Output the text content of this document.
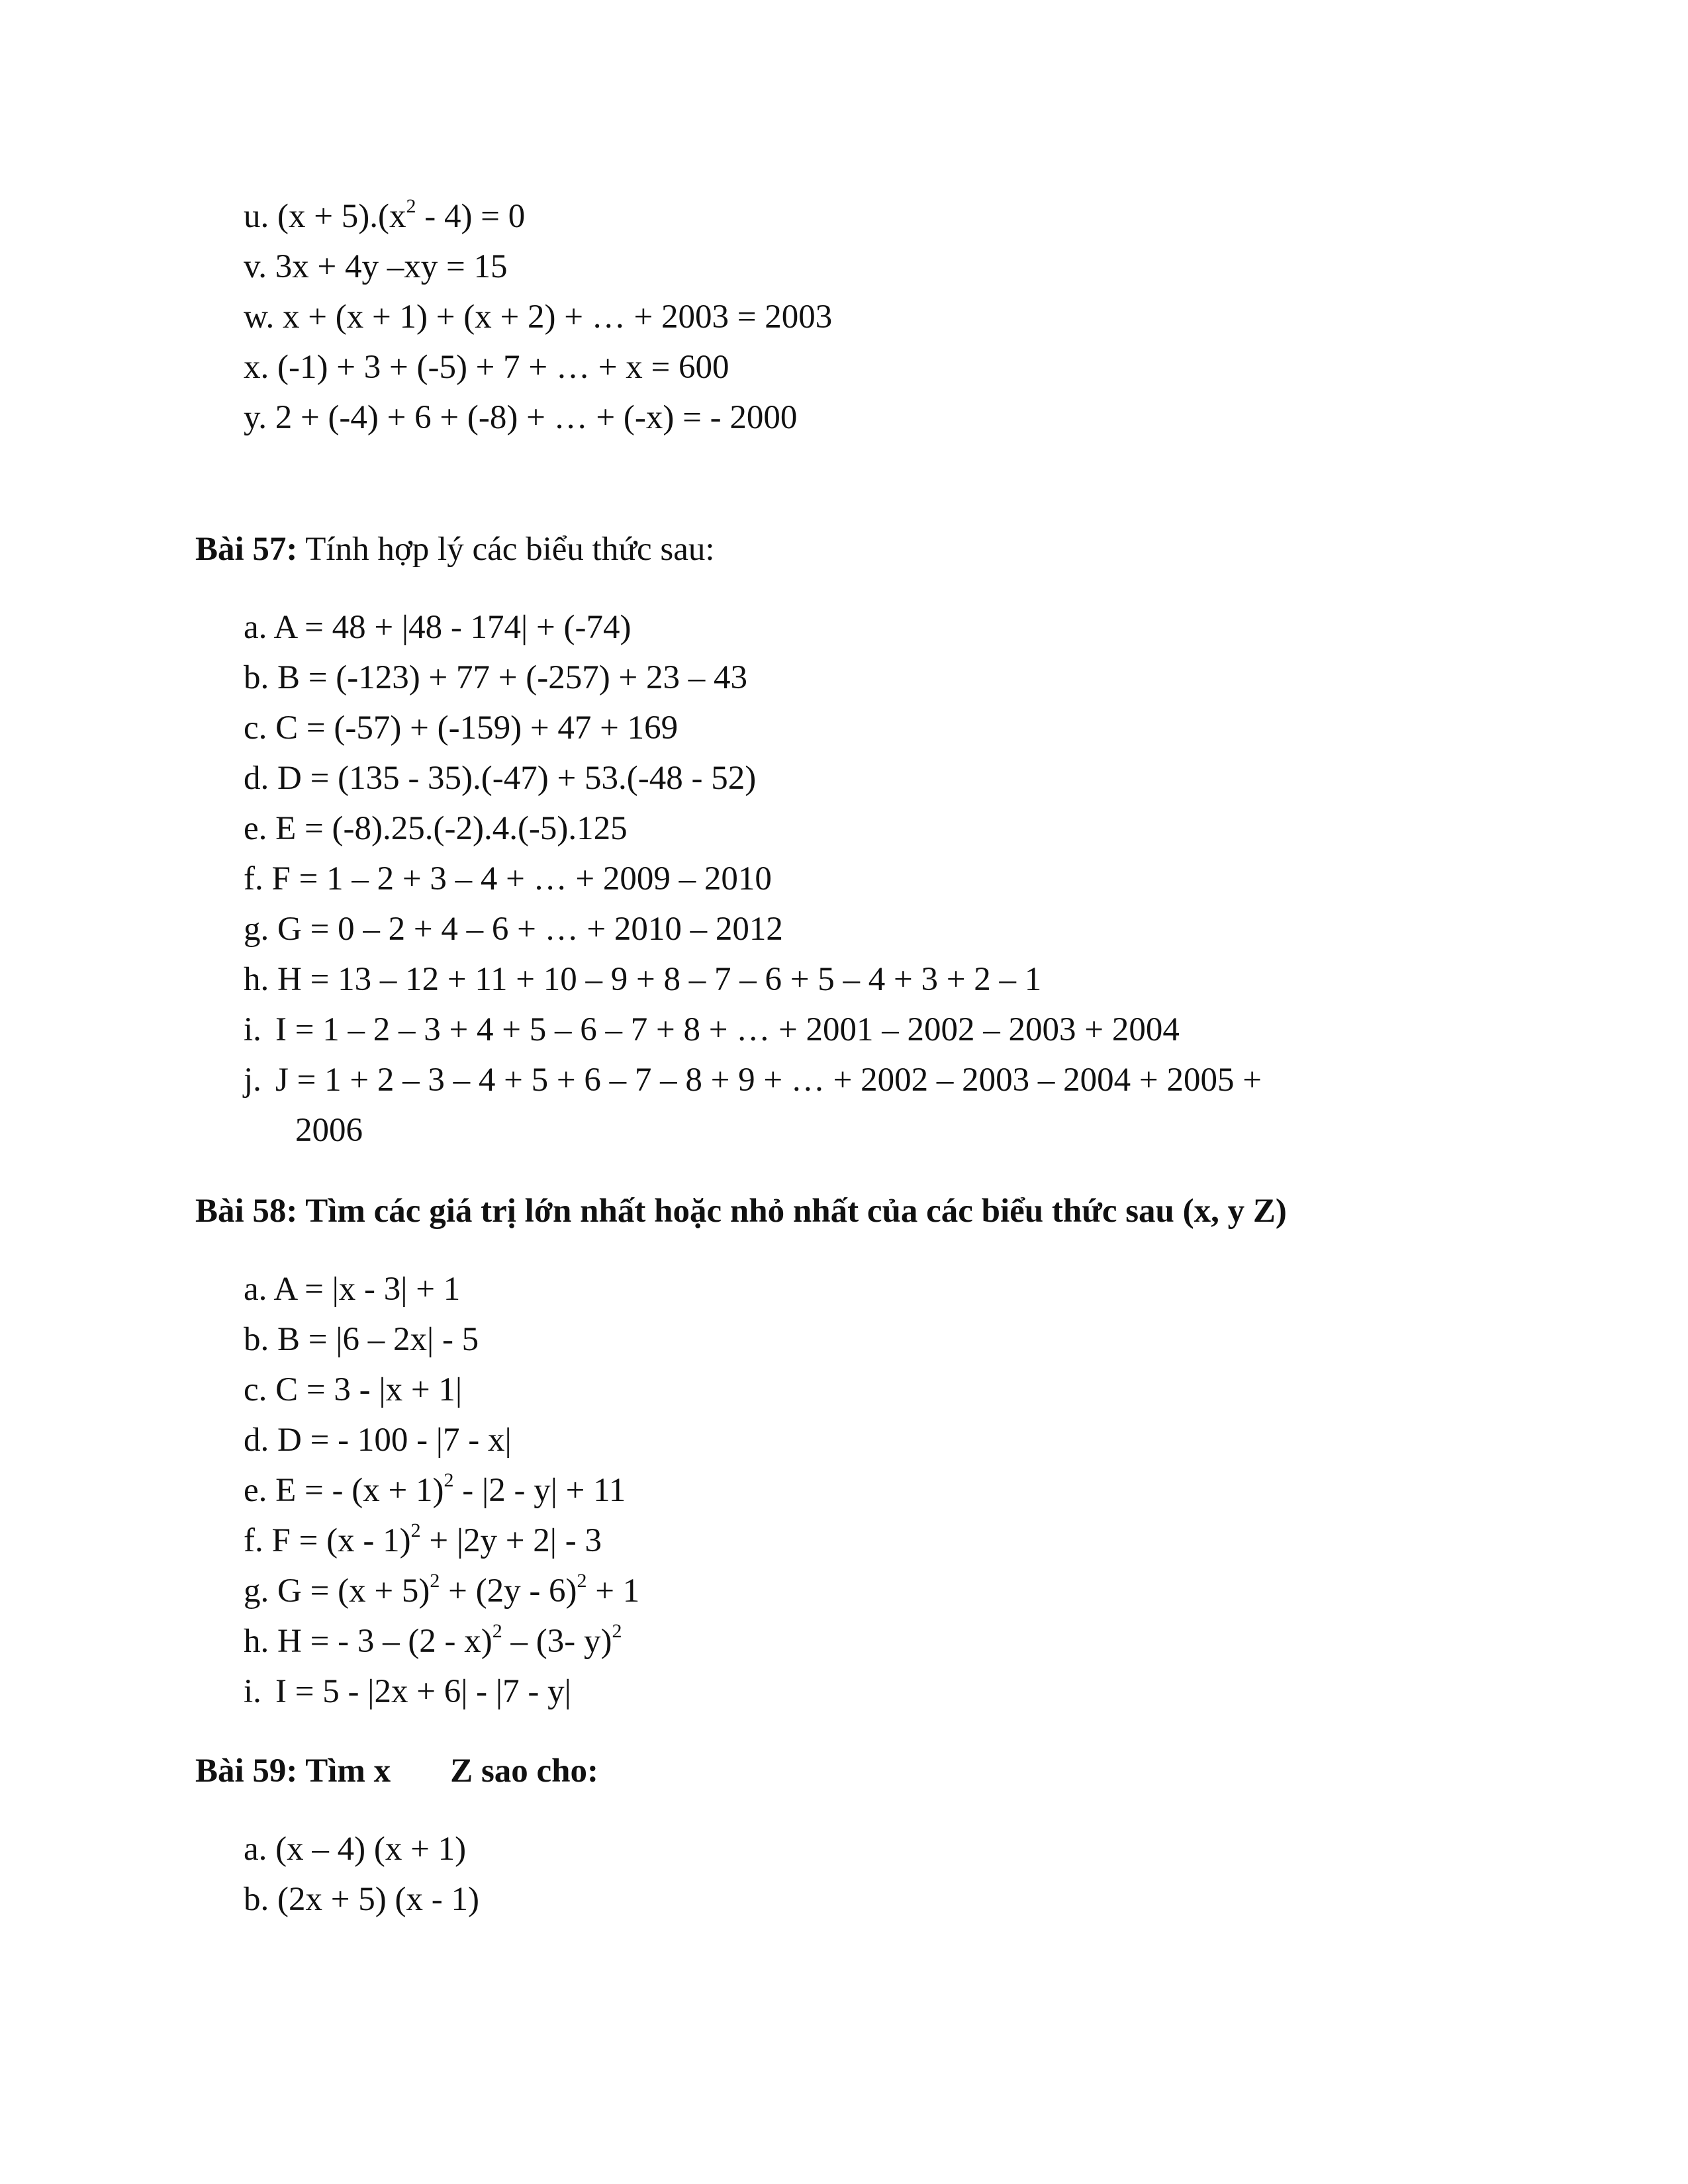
u. $(x + 5).(x^2 - 4) = 0$
v. 3x + 4y –xy = 15
w. x + (x + 1) + (x + 2) + … + 2003 = 2003
x. (-1) + 3 + (-5) + 7 + … + x = 600
y. 2 + (-4) + 6 + (-8) + … + (-x) = - 2000
Bài 57: Tính hợp lý các biểu thức sau:
a. A = 48 + |48 - 174| + (-74)
b. B = (-123) + 77 + (-257) + 23 – 43
c. C = (-57) + (-159) + 47 + 169
d. D = (135 - 35).(-47) + 53.(-48 - 52)
e. E = (-8).25.(-2).4.(-5).125
f. F = 1 – 2 + 3 – 4 + … + 2009 – 2010
g. G = 0 – 2 + 4 – 6 + … + 2010 – 2012
h. H = 13 – 12 + 11 + 10 – 9 + 8 – 7 – 6 + 5 – 4 + 3 + 2 – 1
i. I = 1 – 2 – 3 + 4 + 5 – 6 – 7 + 8 + … + 2001 – 2002 – 2003 + 2004
j. J = 1 + 2 – 3 – 4 + 5 + 6 – 7 – 8 + 9 + … + 2002 – 2003 – 2004 + 2005 +
2006
Bài 58: Tìm các giá trị lớn nhất hoặc nhỏ nhất của các biểu thức sau (x, y Z)
a. A = |x - 3| + 1
b. B = |6 – 2x| - 5
c. C = 3 - |x + 1|
d. D = - 100 - |7 - x|
e. E = - $(x + 1)^2 - |2 - y| + 11$
f. F = (x - 1)$^2$ + |2y + 2| - 3
g. $G = (x + 5)^2 + (2y - 6)^2 + 1$
h. H = - 3 – (2 - x)$^2$ – (3- y)$^2$
i. I = 5 - |2x + 6| - |7 - y|
Bài 59: Tìm x Z sao cho:
a. (x – 4) (x + 1)
b. (2x + 5) (x - 1)
